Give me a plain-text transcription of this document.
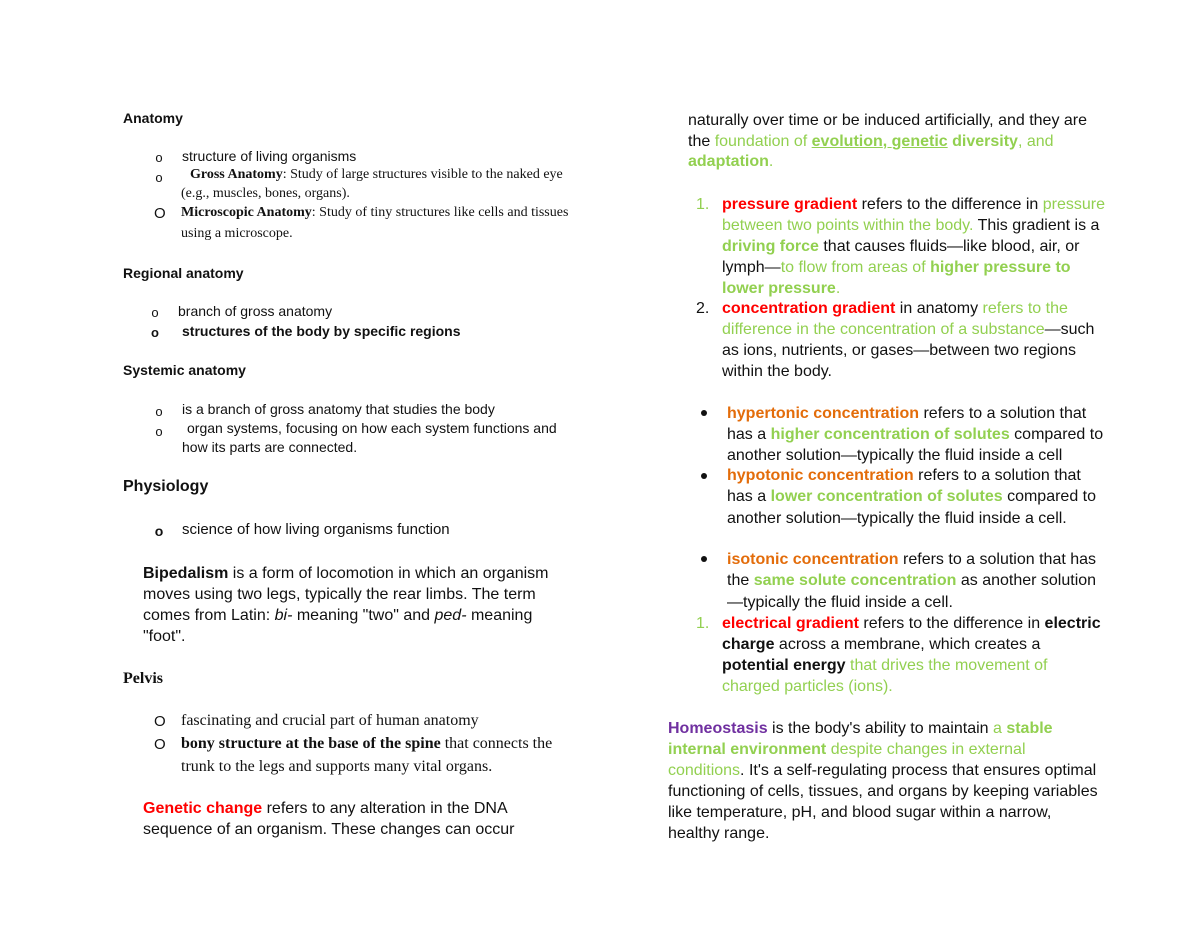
Anatomy
o structure of living organisms
o Gross Anatomy: Study of large structures visible to the naked eye
(e.g., muscles, bones, organs).
O Microscopic Anatomy: Study of tiny structures like cells and tissues
using a microscope.
Regional anatomy
o branch of gross anatomy
o structures of the body by specific regions
Systemic anatomy
o is a branch of gross anatomy that studies the body
o organ systems, focusing on how each system functions and
how its parts are connected.
Physiology
o science of how living organisms function
Bipedalism is a form of locomotion in which an organism
moves using two legs, typically the rear limbs. The term
comes from Latin: bi- meaning "two" and ped- meaning
"foot".
Pelvis
O fascinating and crucial part of human anatomy
O bony structure at the base of the spine that connects the
trunk to the legs and supports many vital organs.
Genetic change refers to any alteration in the DNA
sequence of an organism. These changes can occur
naturally over time or be induced artificially, and they are
the foundation of evolution, genetic diversity, and
adaptation.
1. pressure gradient refers to the difference in pressure
between two points within the body. This gradient is a
driving force that causes fluids—like blood, air, or
lymph—to flow from areas of higher pressure to
lower pressure.
2. concentration gradient in anatomy refers to the
difference in the concentration of a substance—such
as ions, nutrients, or gases—between two regions
within the body.
hypertonic concentration refers to a solution that
has a higher concentration of solutes compared to
another solution—typically the fluid inside a cell
hypotonic concentration refers to a solution that
has a lower concentration of solutes compared to
another solution—typically the fluid inside a cell.
isotonic concentration refers to a solution that has
the same solute concentration as another solution
—typically the fluid inside a cell.
1. electrical gradient refers to the difference in electric
charge across a membrane, which creates a
potential energy that drives the movement of
charged particles (ions).
Homeostasis is the body's ability to maintain a stable
internal environment despite changes in external
conditions. It's a self-regulating process that ensures optimal
functioning of cells, tissues, and organs by keeping variables
like temperature, pH, and blood sugar within a narrow,
healthy range.
